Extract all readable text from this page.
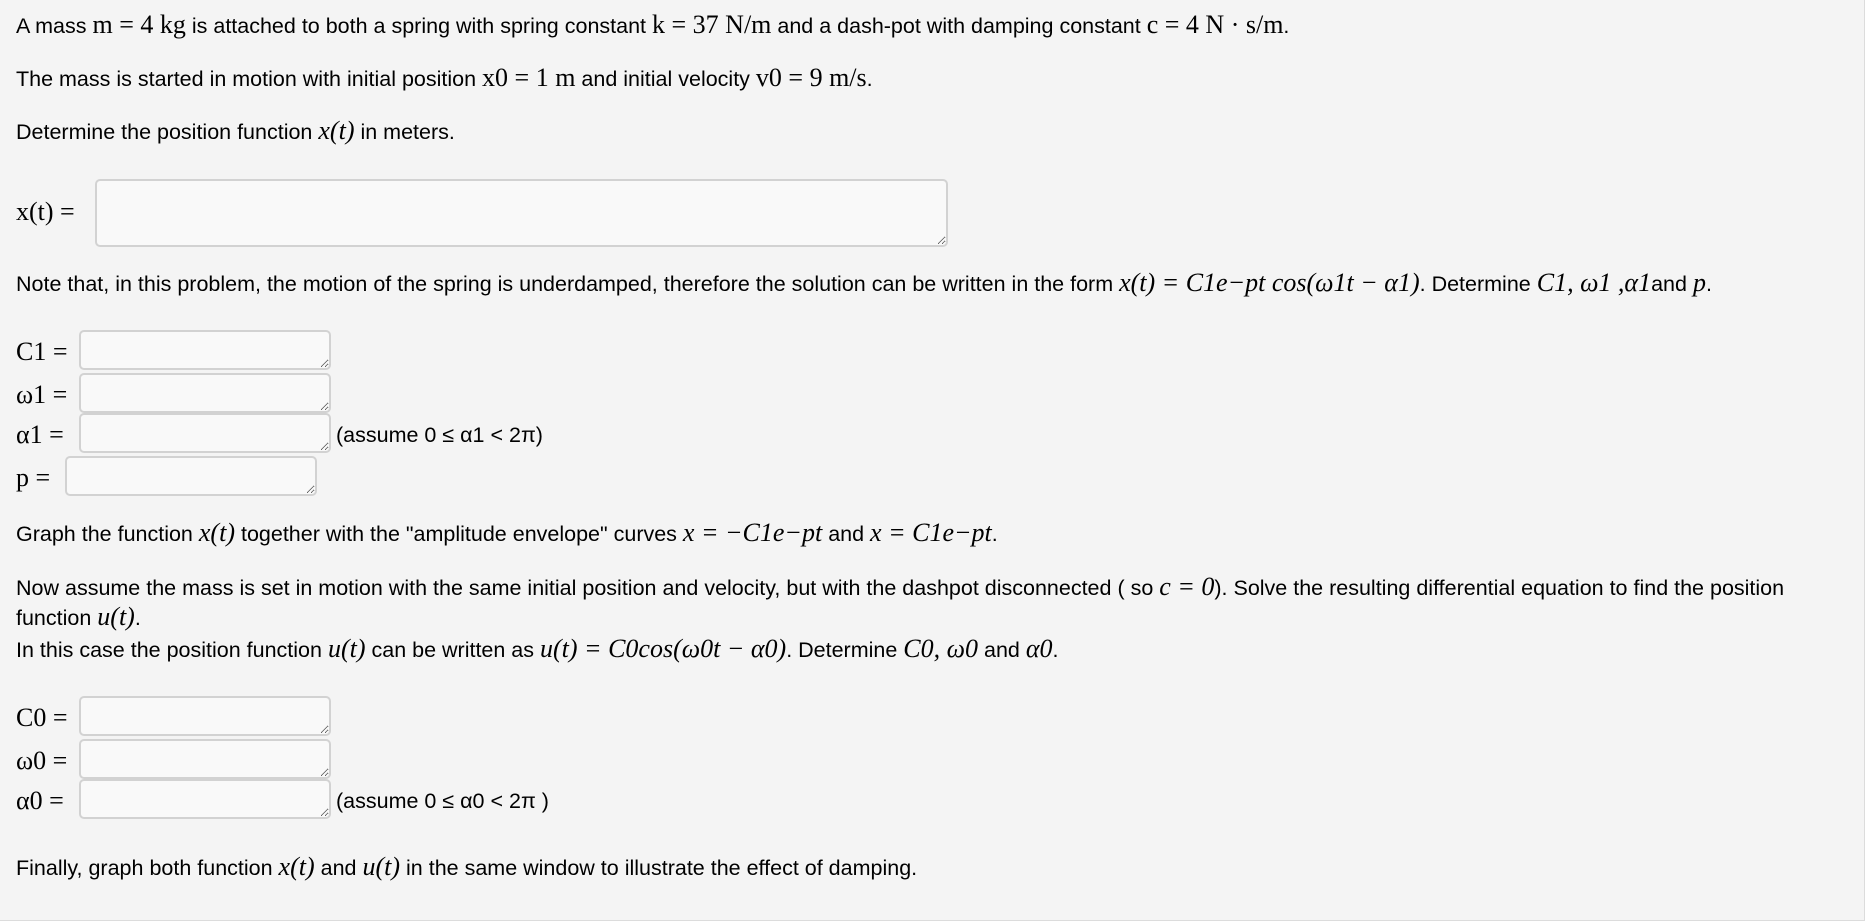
A mass m = 4 kg is attached to both a spring with spring constant k = 37 N/m and a dash-pot with damping constant c = 4 N · s/m.
The mass is started in motion with initial position x0 = 1 m and initial velocity v0 = 9 m/s.
Determine the position function x(t) in meters.
x(t) =
Note that, in this problem, the motion of the spring is underdamped, therefore the solution can be written in the form x(t) = C1e−pt cos(ω1t − α1). Determine C1, ω1 ,α1and p.
C1 =
ω1 =
α1 =	(assume 0 ≤ α1 < 2π)
p =
Graph the function x(t) together with the "amplitude envelope" curves x = −C1e−pt and x = C1e−pt.
Now assume the mass is set in motion with the same initial position and velocity, but with the dashpot disconnected ( so c = 0). Solve the resulting differential equation to find the position
function u(t).
In this case the position function u(t) can be written as u(t) = C0cos(ω0t − α0). Determine C0, ω0 and α0.
C0 =
ω0 =
α0 =	(assume 0 ≤ α0 < 2π )
Finally, graph both function x(t) and u(t) in the same window to illustrate the effect of damping.
